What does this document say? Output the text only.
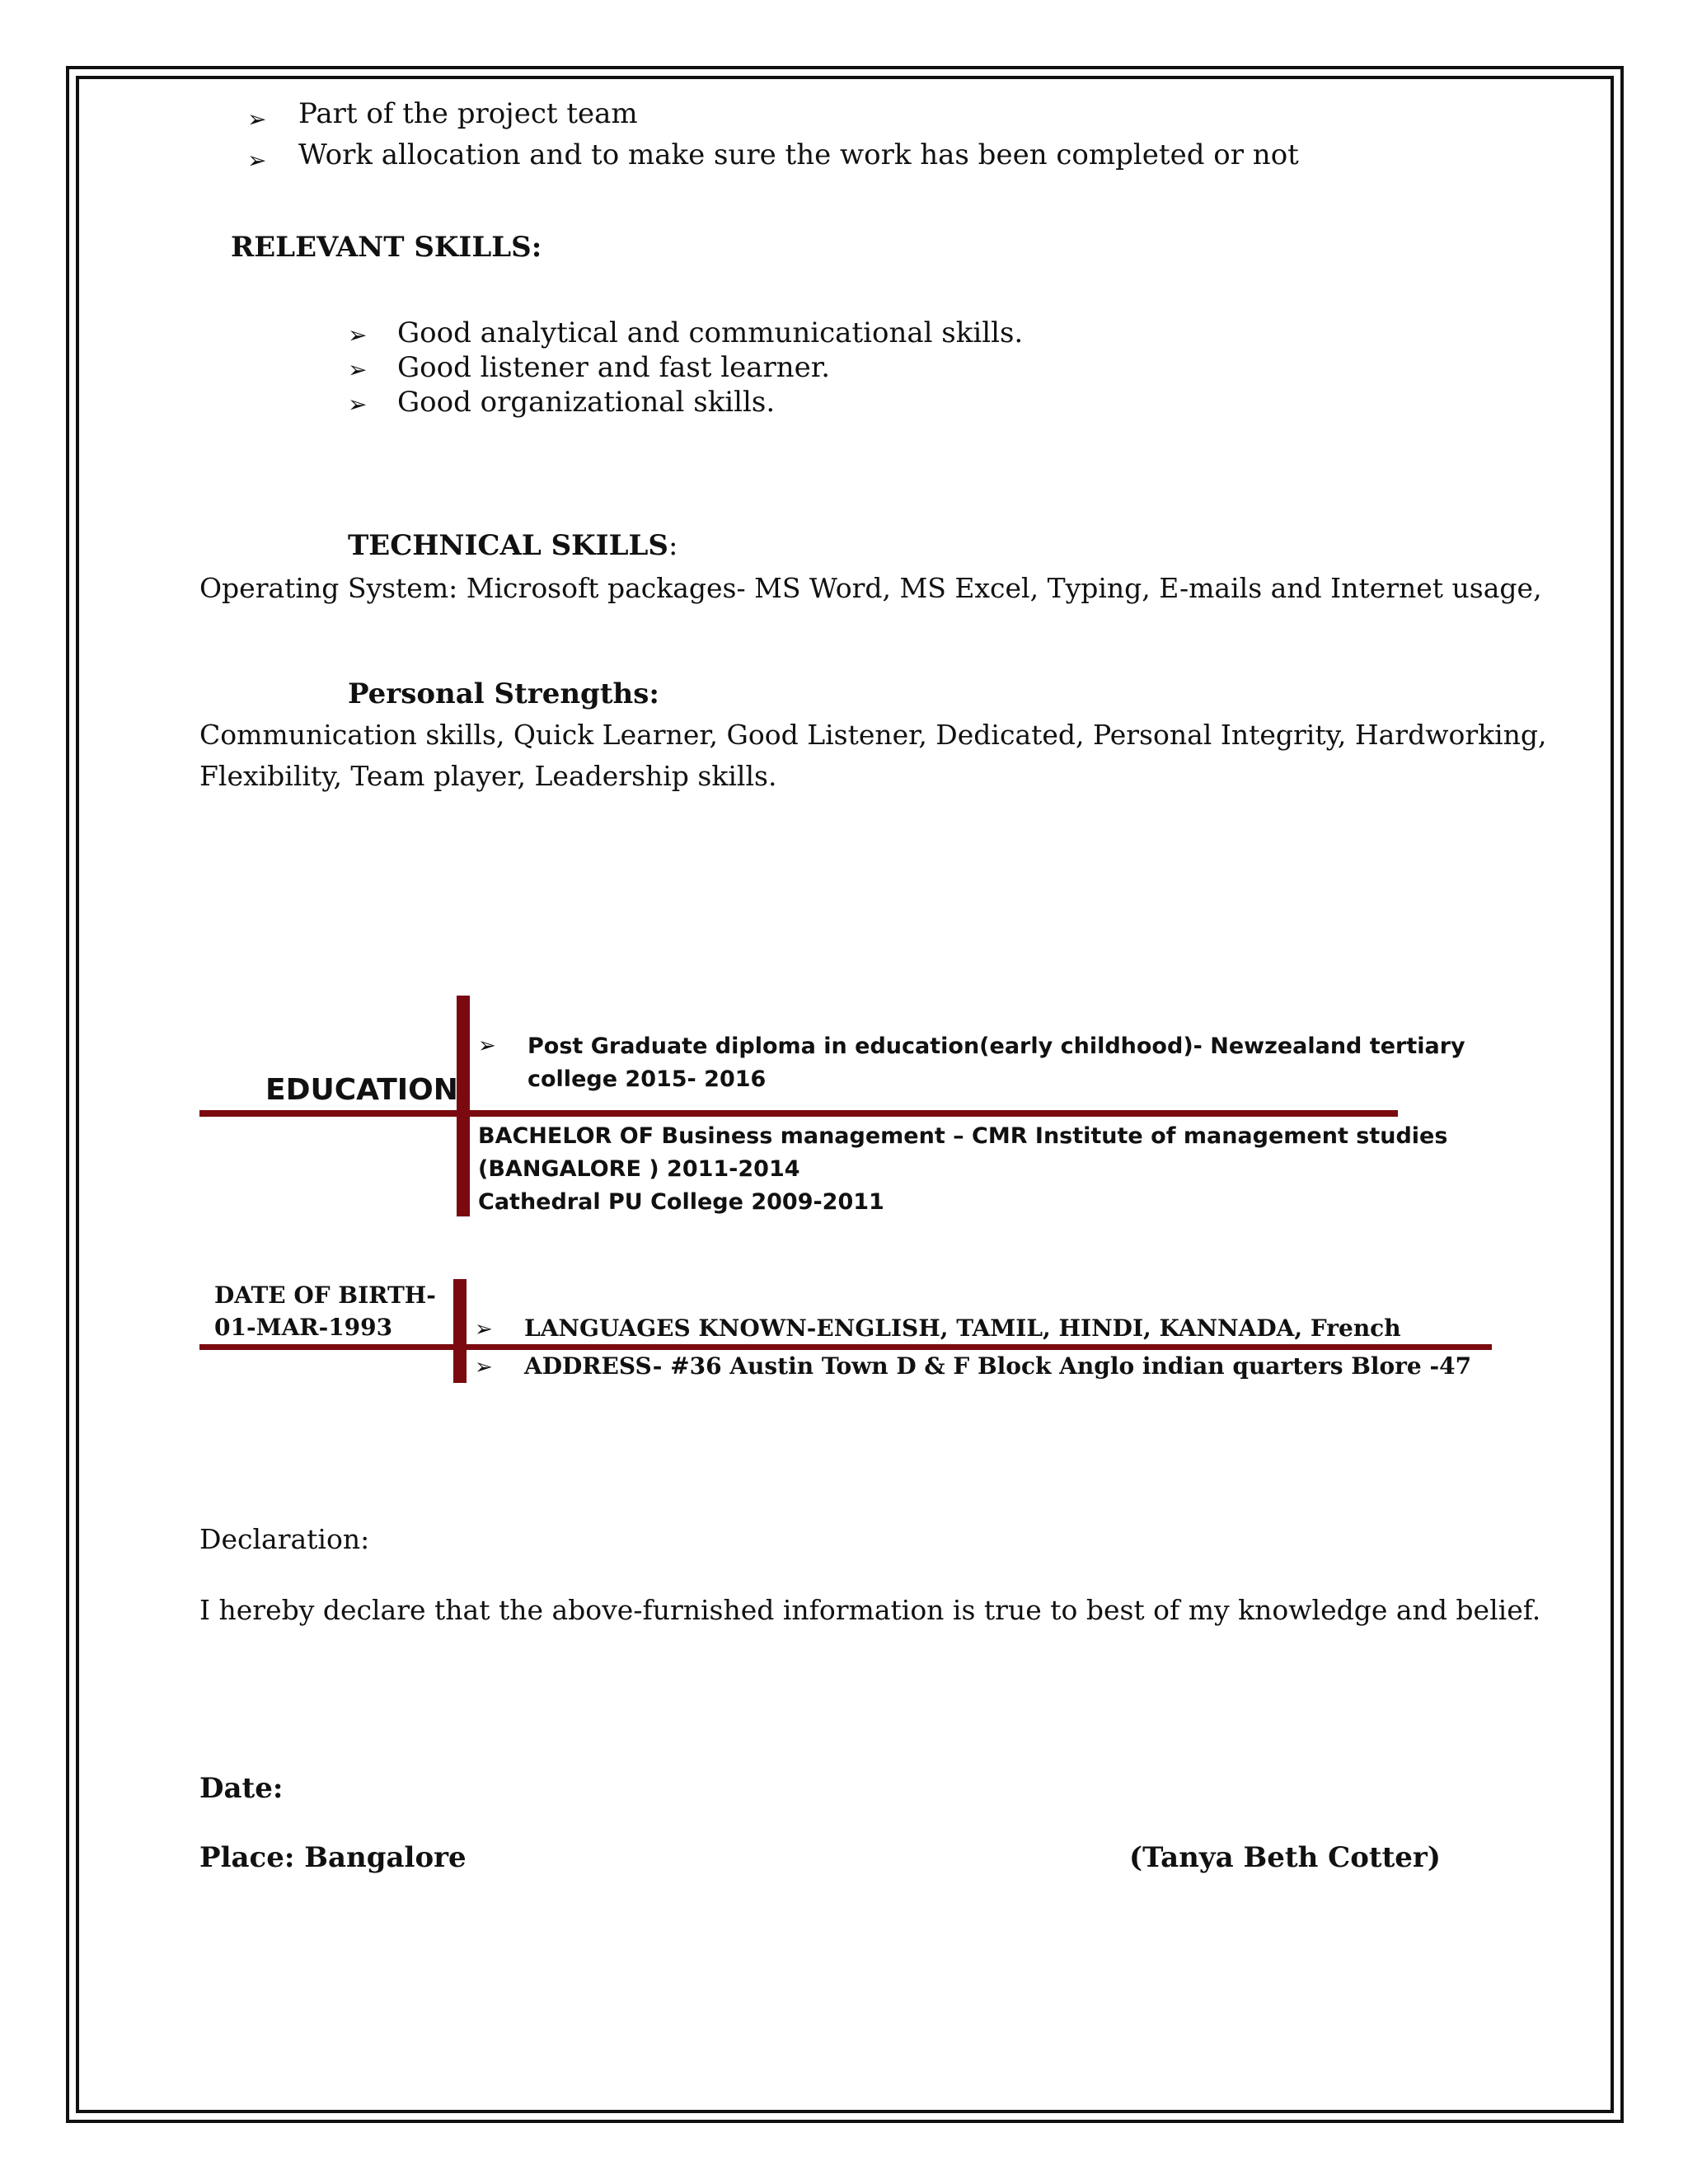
➢ Part of the project team
➢ Work allocation and to make sure the work has been completed or not
RELEVANT SKILLS:
➢ Good analytical and communicational skills.
➢ Good listener and fast learner.
➢ Good organizational skills.
TECHNICAL SKILLS:
Operating System: Microsoft packages- MS Word, MS Excel, Typing, E-mails and Internet usage,
Personal Strengths:
Communication skills, Quick Learner, Good Listener, Dedicated, Personal Integrity, Hardworking,
Flexibility, Team player, Leadership skills.
EDUCATION
➢ Post Graduate diploma in education(early childhood)- Newzealand tertiary
college 2015- 2016
BACHELOR OF Business management – CMR Institute of management studies
(BANGALORE ) 2011-2014
Cathedral PU College 2009-2011
DATE OF BIRTH-
01-MAR-1993	➢ LANGUAGES KNOWN-ENGLISH, TAMIL, HINDI, KANNADA, French
➢ ADDRESS- #36 Austin Town D & F Block Anglo indian quarters Blore -47
Declaration:
I hereby declare that the above-furnished information is true to best of my knowledge and belief.
Date:
Place: Bangalore	(Tanya Beth Cotter)
